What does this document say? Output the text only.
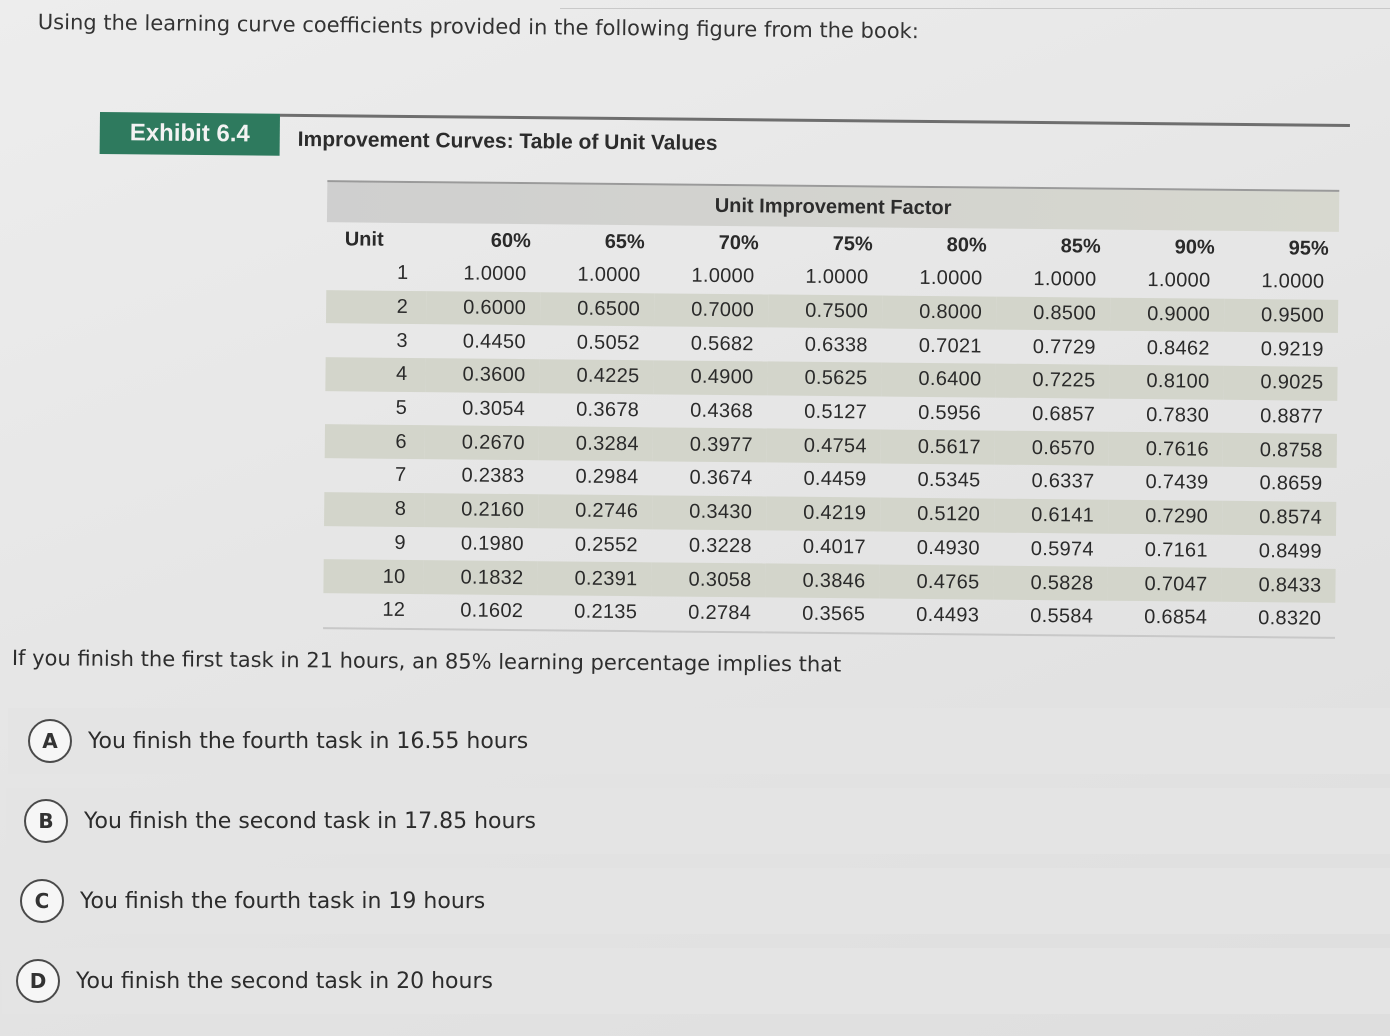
Using the learning curve coefficients provided in the following figure from the book:
Exhibit 6.4	Improvement Curves: Table of Unit Values
Unit Improvement Factor
Unit	60%	65%	70%	75%	80%	85%	90%	95%
1	1.0000	1.0000	1.0000	1.0000	1.0000	1.0000	1.0000	1.0000
2	0.6000	0.6500	0.7000	0.7500	0.8000	0.8500	0.9000	0.9500
3	0.4450	0.5052	0.5682	0.6338	0.7021	0.7729	0.8462	0.9219
4	0.3600	0.4225	0.4900	0.5625	0.6400	0.7225	0.8100	0.9025
5	0.3054	0.3678	0.4368	0.5127	0.5956	0.6857	0.7830	0.8877
6	0.2670	0.3284	0.3977	0.4754	0.5617	0.6570	0.7616	0.8758
7	0.2383	0.2984	0.3674	0.4459	0.5345	0.6337	0.7439	0.8659
8	0.2160	0.2746	0.3430	0.4219	0.5120	0.6141	0.7290	0.8574
9	0.1980	0.2552	0.3228	0.4017	0.4930	0.5974	0.7161	0.8499
10	0.1832	0.2391	0.3058	0.3846	0.4765	0.5828	0.7047	0.8433
12	0.1602	0.2135	0.2784	0.3565	0.4493	0.5584	0.6854	0.8320
If you finish the first task in 21 hours, an 85% learning percentage implies that
A	You finish the fourth task in 16.55 hours
B	You finish the second task in 17.85 hours
C	You finish the fourth task in 19 hours
D	You finish the second task in 20 hours
